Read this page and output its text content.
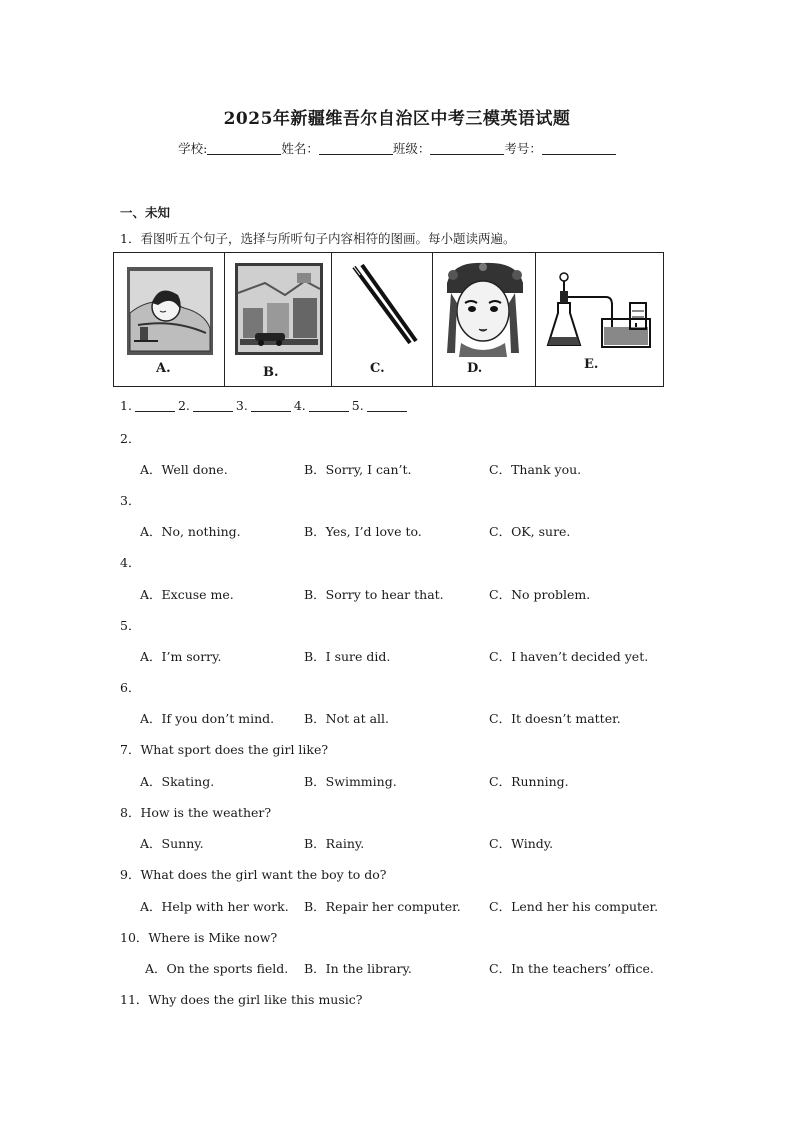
2025年新疆维吾尔自治区中考三模英语试题
学校:	姓名：	班级：	考号：
一、未知
1．看图听五个句子，选择与所听句子内容相符的图画。每小题读两遍。
A.	B.	C.	D.	E.
1.	2.	3.	4.	5.
2．
A．Well done.	B．Sorry, I can’t.	C．Thank you.
3．
A．No, nothing.	B．Yes, I’d love to.	C．OK, sure.
4．
A．Excuse me.	B．Sorry to hear that.	C．No problem.
5．
A．I’m sorry.	B．I sure did.	C．I haven’t decided yet.
6．
A．If you don’t mind. B．Not at all.	C．It doesn’t matter.
7．What sport does the girl like?
A．Skating.	B．Swimming.	C．Running.
8．How is the weather?
A．Sunny.	B．Rainy.	C．Windy.
9．What does the girl want the boy to do?
A．Help with her work. B．Repair her computer. C．Lend her his computer.
10．Where is Mike now?
A．On the sports field. B．In the library.	C．In the teachers’ office.
11．Why does the girl like this music?
